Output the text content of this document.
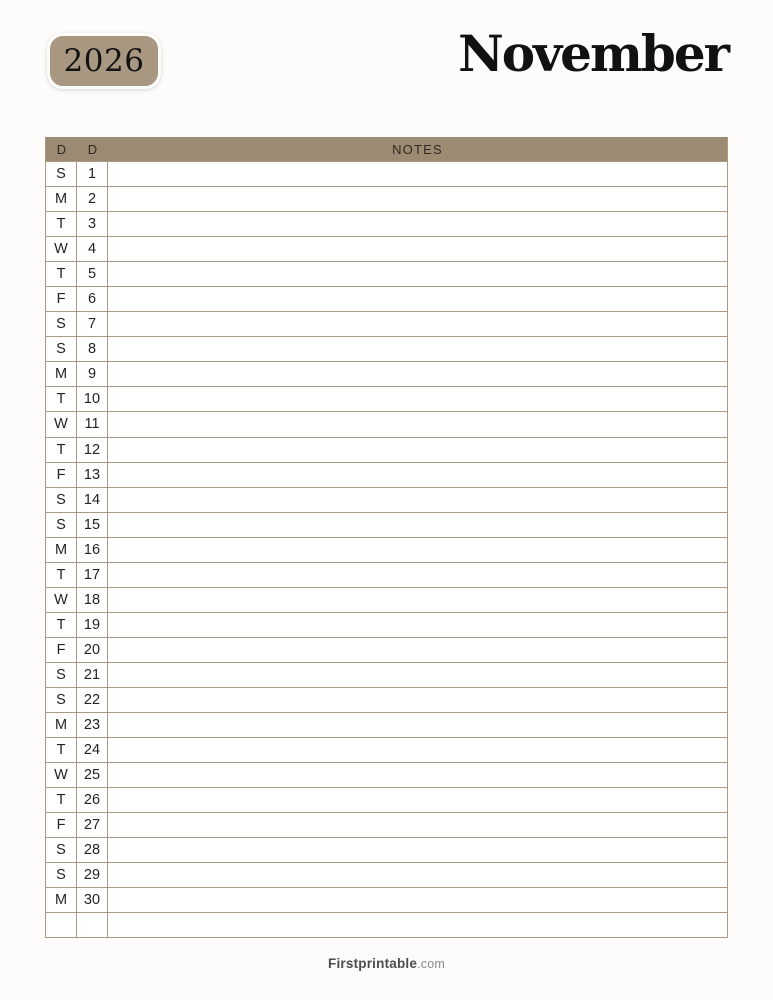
2026	November
D	D	NOTES
S	1
M	2
T	3
W	4
T	5
F	6
S	7
S	8
M	9
T	10
W	11
T	12
F	13
S	14
S	15
M	16
T	17
W	18
T	19
F	20
S	21
S	22
M	23
T	24
W	25
T	26
F	27
S	28
S	29
M	30
Firstprintable.com
